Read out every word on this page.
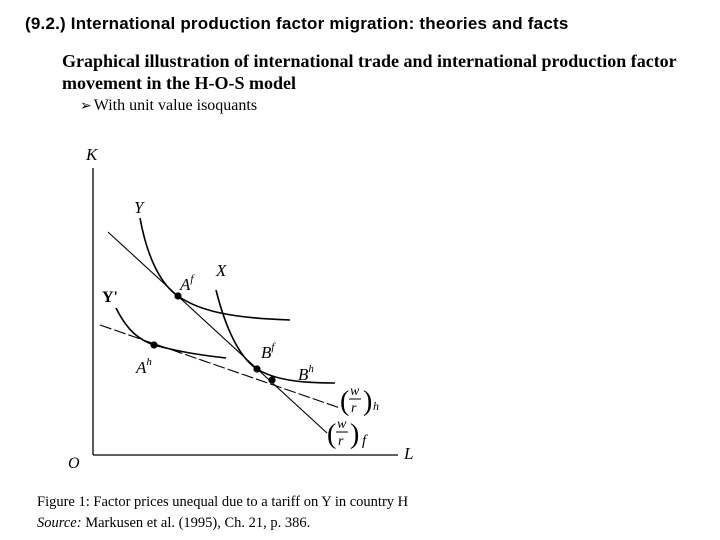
(9.2.) International production factor migration: theories and facts
Graphical illustration of international trade and international production factor movement in the H-O-S model
➢ With unit value isoquants
K
L
O
Y
Y'
X
$A^f$
$A^h$	$B^f$
$B^h$
( w
r ) h
( w
r ) f
Figure 1: Factor prices unequal due to a tariff on Y in country H
Source: Markusen et al. (1995), Ch. 21, p. 386.
